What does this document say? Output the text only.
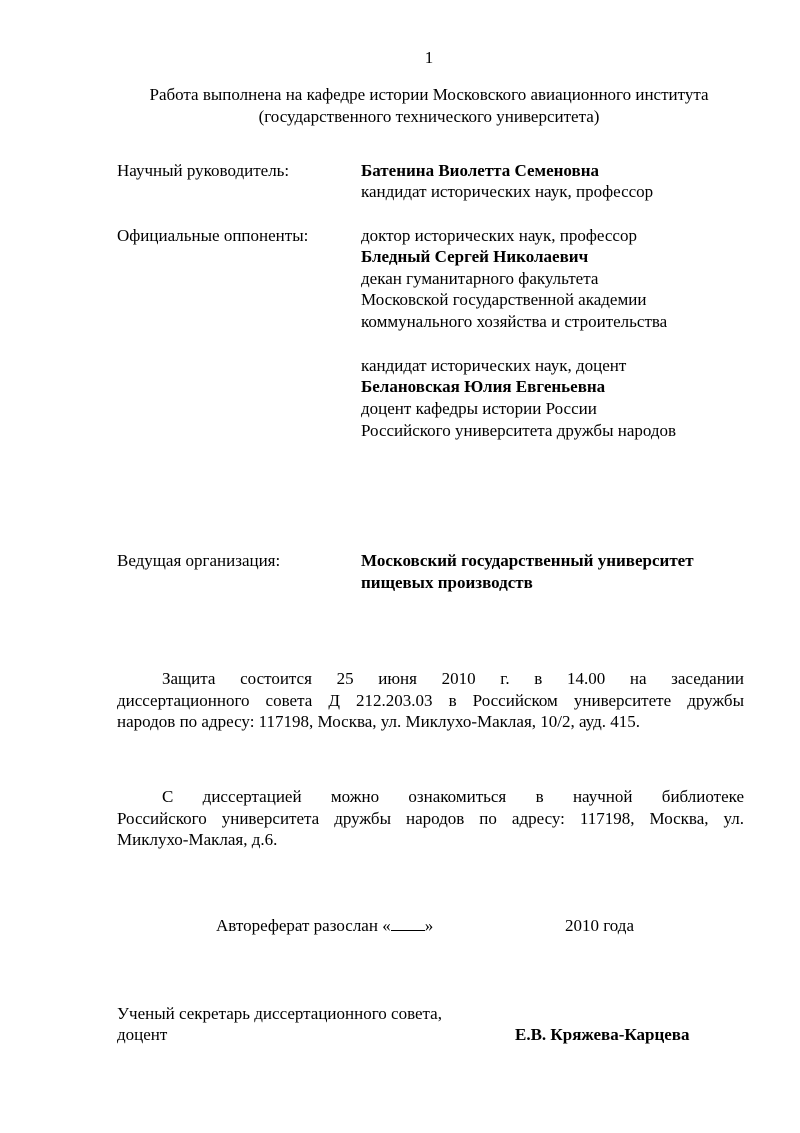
1
Работа выполнена на кафедре истории Московского авиационного института
(государственного технического университета)
Научный руководитель:	Батенина Виолетта Семеновна
кандидат исторических наук, профессор
Официальные оппоненты:	доктор исторических наук, профессор
Бледный Сергей Николаевич
декан гуманитарного факультета
Московской государственной академии
коммунального хозяйства и строительства
кандидат исторических наук, доцент
Белановская Юлия Евгеньевна
доцент кафедры истории России
Российского университета дружбы народов
Ведущая организация:	Московский государственный университет
пищевых производств
Защита состоится 25 июня 2010 г. в 14.00 на заседании
диссертационного совета Д 212.203.03 в Российском университете дружбы
народов по адресу: 117198, Москва, ул. Миклухо-Маклая, 10/2, ауд. 415.
С диссертацией можно ознакомиться в научной библиотеке
Российского университета дружбы народов по адресу: 117198, Москва, ул.
Миклухо-Маклая, д.6.
Автореферат разослан « »	2010 года
Ученый секретарь диссертационного совета,
доцент	Е.В. Кряжева-Карцева
